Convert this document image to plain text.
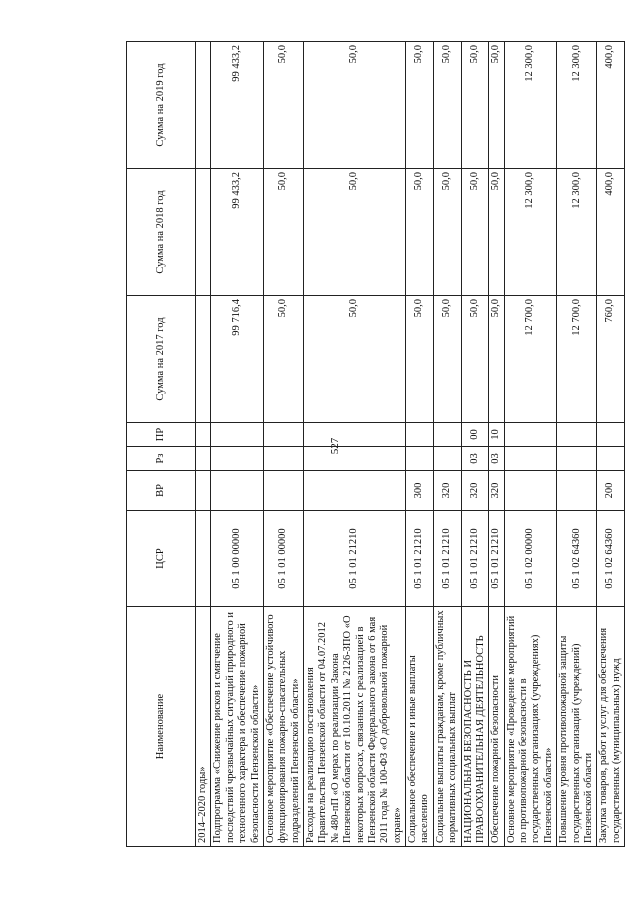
527
Наименование	ЦСР	ВР	Рз	ПР	Сумма на 2017 год	Сумма на 2018 год	Сумма на 2019 год
2014–2020 годы»							
Подпрограмма «Снижение рисков и смягчение последствий чрезвычайных ситуаций природного и техногенного характера и обеспечение пожарной безопасности Пензенской области»	05 1 00 00000				99 716,4	99 433,2	99 433,2
Основное мероприятие «Обеспечение устойчивого функционирования пожарно-спасательных подразделений Пензенской области»	05 1 01 00000				50,0	50,0	50,0
Расходы на реализацию постановления Правительства Пензенской области от 04.07.2012 № 480-пП «О мерах по реализации Закона Пензенской области от 10.10.2011 № 2126-ЗПО «О некоторых вопросах, связанных с реализацией в Пензенской области Федерального закона от 6 мая 2011 года № 100-ФЗ «О добровольной пожарной охране»	05 1 01 21210				50,0	50,0	50,0
Социальное обеспечение и иные выплаты населению	05 1 01 21210	300			50,0	50,0	50,0
Социальные выплаты гражданам, кроме публичных нормативных социальных выплат	05 1 01 21210	320			50,0	50,0	50,0
НАЦИОНАЛЬНАЯ БЕЗОПАСНОСТЬ И ПРАВООХРАНИТЕЛЬНАЯ ДЕЯТЕЛЬНОСТЬ	05 1 01 21210	320	03	00	50,0	50,0	50,0
Обеспечение пожарной безопасности	05 1 01 21210	320	03	10	50,0	50,0	50,0
Основное мероприятие «Проведение мероприятий по противопожарной безопасности в государственных организациях (учреждениях) Пензенской области»	05 1 02 00000				12 700,0	12 300,0	12 300,0
Повышение уровня противопожарной защиты государственных организаций (учреждений) Пензенской области	05 1 02 64360				12 700,0	12 300,0	12 300,0
Закупка товаров, работ и услуг для обеспечения государственных (муниципальных) нужд	05 1 02 64360	200			760,0	400,0	400,0
